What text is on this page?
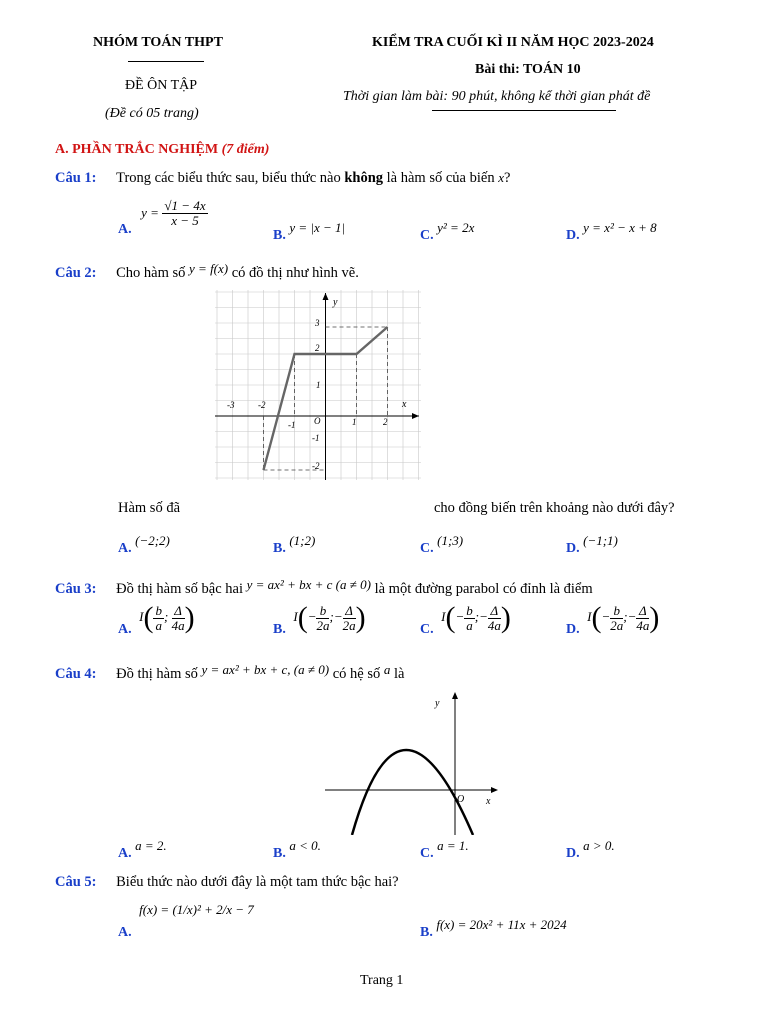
NHÓM TOÁN THPT
ĐỀ ÔN TẬP
(Đề có 05 trang)
KIỂM TRA CUỐI KÌ II NĂM HỌC 2023-2024
Bài thi: TOÁN 10
Thời gian làm bài: 90 phút, không kể thời gian phát đề
A. PHẦN TRẮC NGHIỆM (7 điểm)
Câu 1: Trong các biểu thức sau, biểu thức nào không là hàm số của biến x?
A. $y = \frac{√1 - 4x}{x - 5}$
B. y = |x − 1|
C. y² = 2x
D. y = x² − x + 8
Câu 2: Cho hàm số y = f(x) có đồ thị như hình vẽ.
-3	-2
-1	1	2
3
2
1
-1
-2
O
x
y
Hàm số đã	cho đồng biến trên khoảng nào dưới đây?
A. (−2;2)
B. (1;2)
C. (1;3)
D. (−1;1)
Câu 3: Đồ thị hàm số bậc hai y = ax² + bx + c (a ≠ 0) là một đường parabol có đỉnh là điểm
A. $I( \frac{b}{a}$ ; $\frac{\Delta}{4a}$ )	B. $I(- \frac{b}{2a}$ ;− $\frac{\Delta}{2a}$ )	C. $I(- \frac{b}{a}$ ;− $\frac{\Delta}{4a}$ )	D. $I(- \frac{b}{2a}$ ;− $\frac{\Delta}{4a}$ )
Câu 4: Đồ thị hàm số y = ax² + bx + c, (a ≠ 0) có hệ số a là
y
x
O
A. a = 2.
B. a < 0.
C. a = 1.
D. a > 0.
Câu 5: Biểu thức nào dưới đây là một tam thức bậc hai?
A. f(x) = (1/x)² + 2/x − 7
B. f(x) = 20x² + 11x + 2024
Trang 1
